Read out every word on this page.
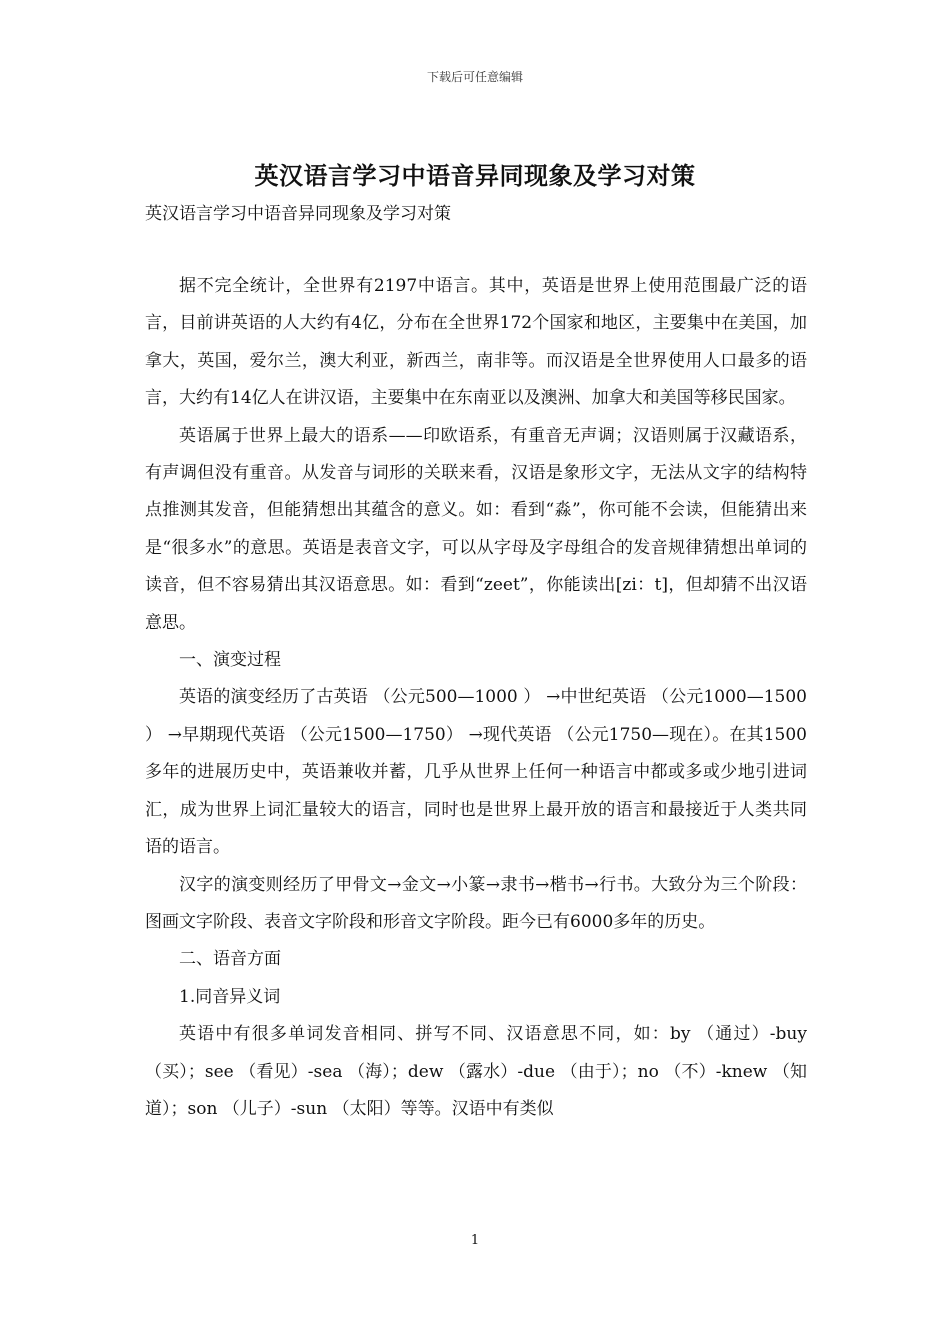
下载后可任意编辑
英汉语言学习中语音异同现象及学习对策
英汉语言学习中语音异同现象及学习对策

据不完全统计，全世界有2197中语言。其中，英语是世界上使用范围最广泛的语言，目前讲英语的人大约有4亿，分布在全世界172个国家和地区，主要集中在美国，加拿大，英国，爱尔兰，澳大利亚，新西兰，南非等。而汉语是全世界使用人口最多的语言，大约有14亿人在讲汉语，主要集中在东南亚以及澳洲、加拿大和美国等移民国家。

英语属于世界上最大的语系——印欧语系，有重音无声调；汉语则属于汉藏语系，有声调但没有重音。从发音与词形的关联来看，汉语是象形文字，无法从文字的结构特点推测其发音，但能猜想出其蕴含的意义。如：看到“淼”，你可能不会读，但能猜出来是“很多水”的意思。英语是表音文字，可以从字母及字母组合的发音规律猜想出单词的读音，但不容易猜出其汉语意思。如：看到“zeet”，你能读出[zi：t]，但却猜不出汉语意思。

一、演变过程

英语的演变经历了古英语 （公元500—1000 ） →中世纪英语 （公元1000—1500 ） →早期现代英语 （公元1500—1750） →现代英语 （公元1750—现在）。在其1500多年的进展历史中，英语兼收并蓄，几乎从世界上任何一种语言中都或多或少地引进词汇，成为世界上词汇量较大的语言，同时也是世界上最开放的语言和最接近于人类共同语的语言。

汉字的演变则经历了甲骨文→金文→小篆→隶书→楷书→行书。大致分为三个阶段：图画文字阶段、表音文字阶段和形音文字阶段。距今已有6000多年的历史。

二、语音方面

1.同音异义词

英语中有很多单词发音相同、拼写不同、汉语意思不同，如：by （通过）-buy （买）；see （看见）-sea （海）；dew （露水）-due （由于）；no （不）-knew （知道）；son （儿子）-sun （太阳）等等。汉语中有类似

1
